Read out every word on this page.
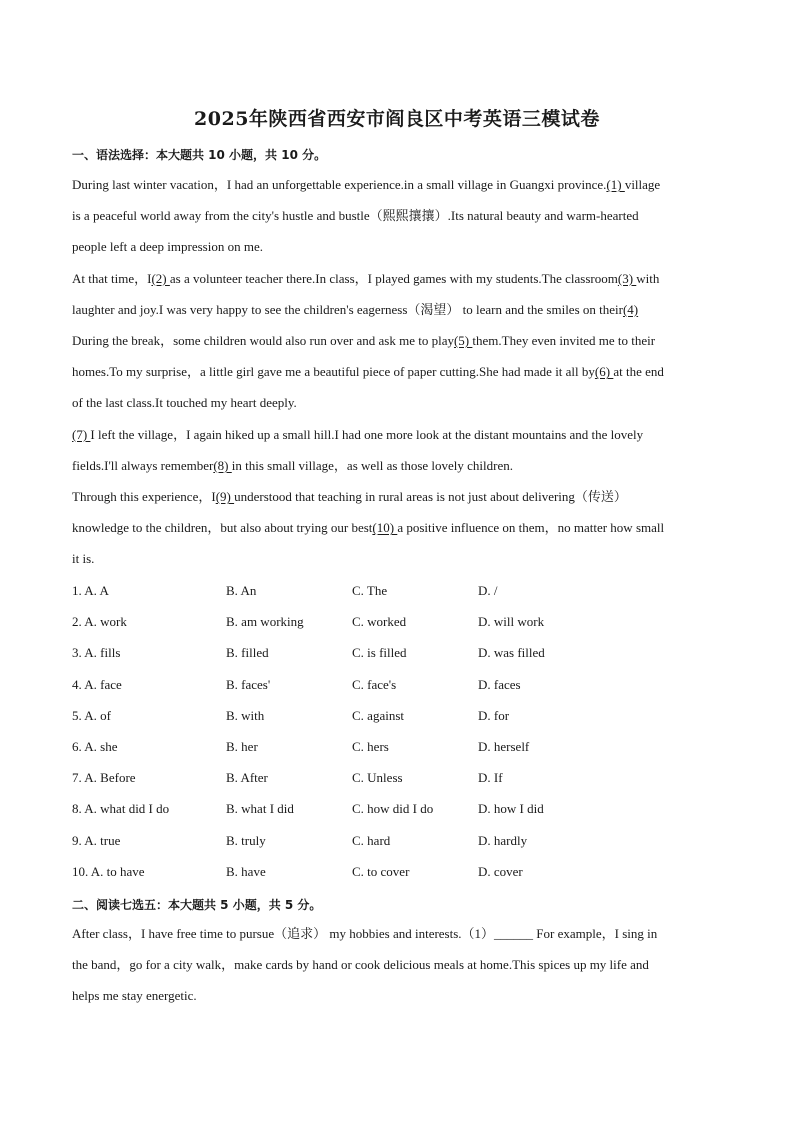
2025年陕西省西安市阎良区中考英语三模试卷
一、语法选择：本大题共 10 小题，共 10 分。
During last winter vacation，I had an unforgettable experience.in a small village in Guangxi province.(1) village
is a peaceful world away from the city's hustle and bustle（熙熙攘攘）.Its natural beauty and warm-hearted
people left a deep impression on me.
At that time，I(2) as a volunteer teacher there.In class，I played games with my students.The classroom(3) with
laughter and joy.I was very happy to see the children's eagerness（渴望） to learn and the smiles on their(4)
During the break，some children would also run over and ask me to play(5) them.They even invited me to their
homes.To my surprise，a little girl gave me a beautiful piece of paper cutting.She had made it all by(6) at the end
of the last class.It touched my heart deeply.
(7) I left the village，I again hiked up a small hill.I had one more look at the distant mountains and the lovely
fields.I'll always remember(8) in this small village，as well as those lovely children.
Through this experience，I(9) understood that teaching in rural areas is not just about delivering（传送）
knowledge to the children，but also about trying our best(10) a positive influence on them，no matter how small
it is.
1. A. A	B. An	C. The	D. /
2. A. work	B. am working	C. worked	D. will work
3. A. fills	B. filled	C. is filled	D. was filled
4. A. face	B. faces'	C. face's	D. faces
5. A. of	B. with	C. against	D. for
6. A. she	B. her	C. hers	D. herself
7. A. Before	B. After	C. Unless	D. If
8. A. what did I do	B. what I did	C. how did I do	D. how I did
9. A. true	B. truly	C. hard	D. hardly
10. A. to have	B. have	C. to cover	D. cover
二、阅读七选五：本大题共 5 小题，共 5 分。
After class，I have free time to pursue（追求） my hobbies and interests.（1）______ For example，I sing in
the band，go for a city walk，make cards by hand or cook delicious meals at home.This spices up my life and
helps me stay energetic.
